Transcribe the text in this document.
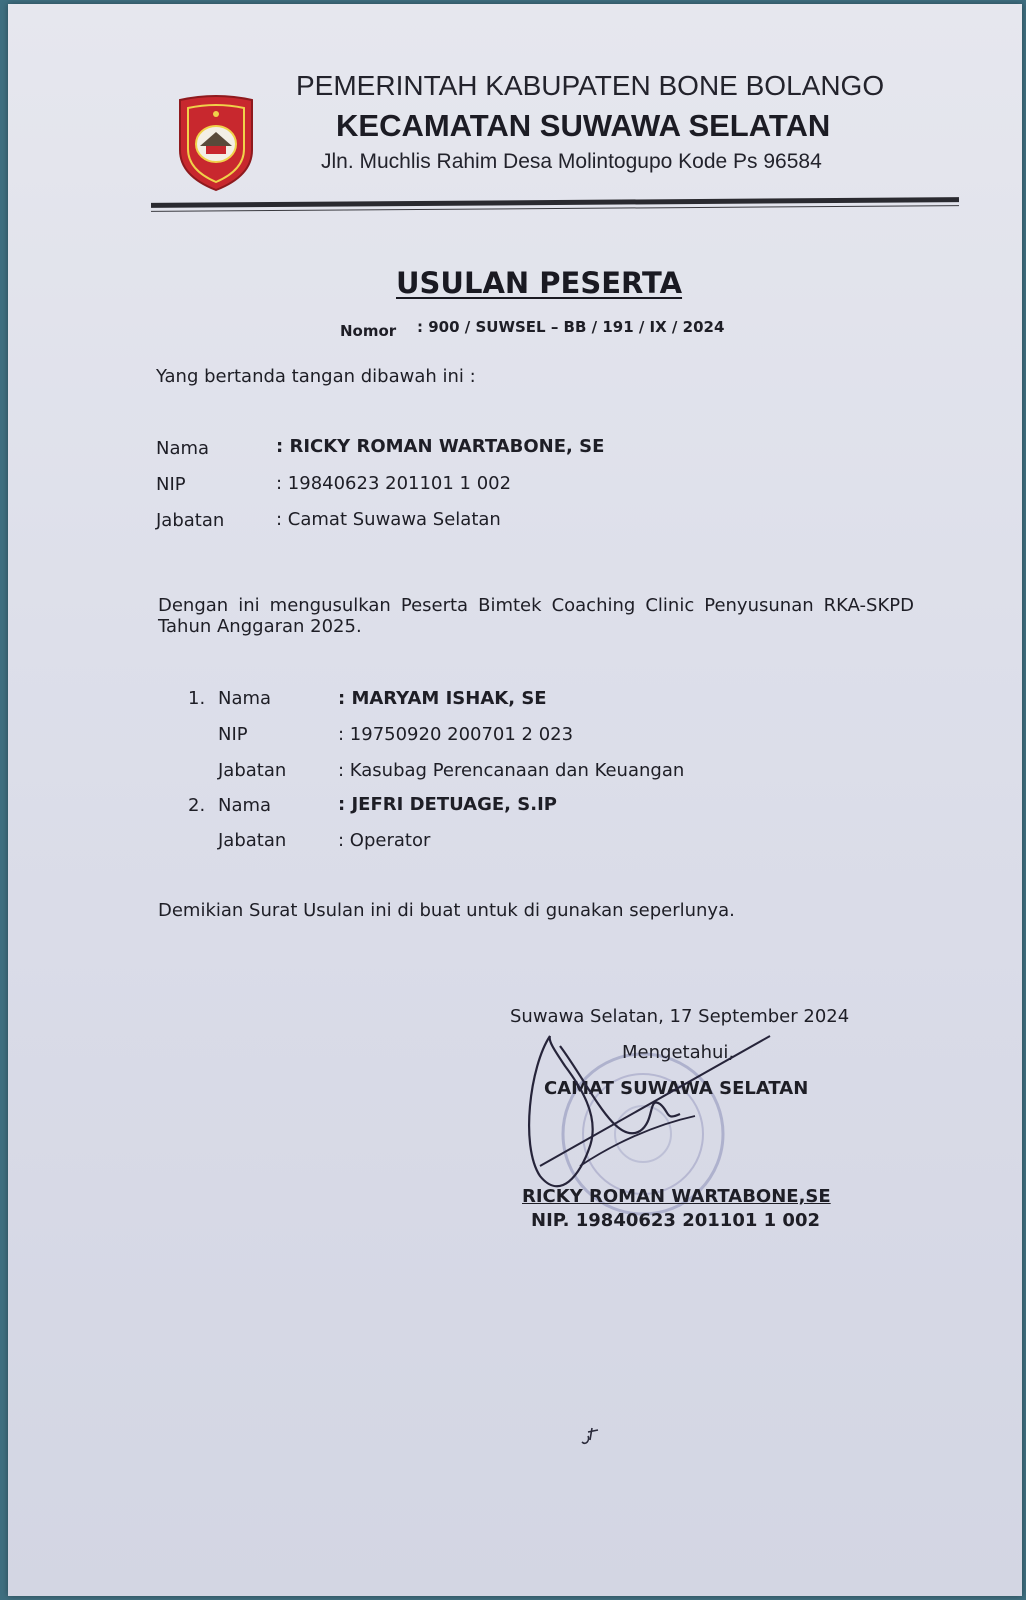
PEMERINTAH KABUPATEN BONE BOLANGO
KECAMATAN SUWAWA SELATAN
Jln. Muchlis Rahim Desa Molintogupo Kode Ps 96584
USULAN PESERTA
Nomor : 900 / SUWSEL – BB / 191 / IX / 2024
Yang bertanda tangan dibawah ini :
Nama	: RICKY ROMAN WARTABONE, SE
NIP	: 19840623 201101 1 002
Jabatan	: Camat Suwawa Selatan
Dengan ini mengusulkan Peserta Bimtek Coaching Clinic Penyusunan RKA-SKPD
Tahun Anggaran 2025.
1. Nama	: MARYAM ISHAK, SE
NIP	: 19750920 200701 2 023
Jabatan	: Kasubag Perencanaan dan Keuangan
2. Nama	: JEFRI DETUAGE, S.IP
Jabatan	: Operator
Demikian Surat Usulan ini di buat untuk di gunakan seperlunya.
Suwawa Selatan, 17 September 2024
Mengetahui,
CAMAT SUWAWA SELATAN
RICKY ROMAN WARTABONE,SE
NIP. 19840623 201101 1 002
